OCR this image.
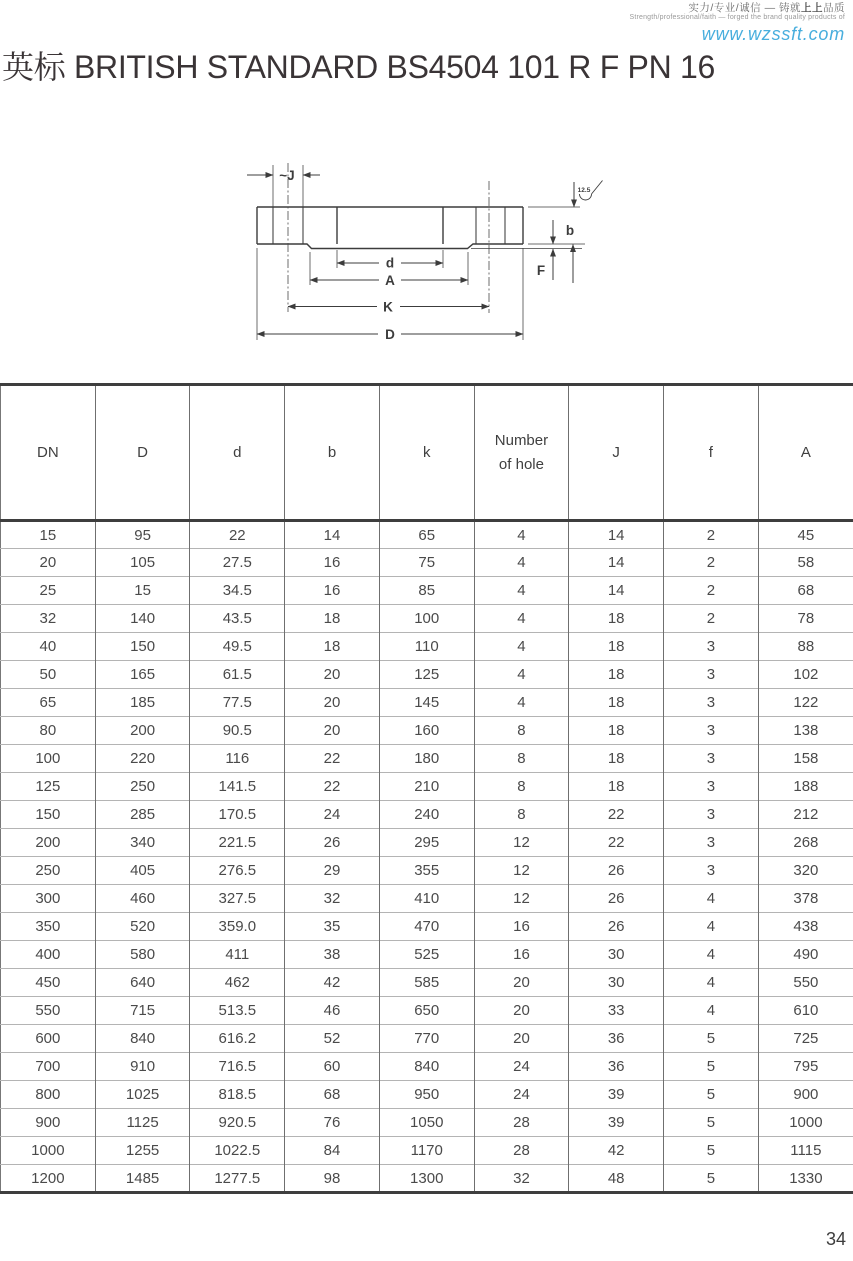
实力/专业/诚信 — 铸就上上品质
Strength/professional/faith — forged the brand quality products of
www.wzssft.com
英标 BRITISH STANDARD BS4504 101 R F PN 16
~J
b
F
d
A
K
D
12.5
DN	D	d	b	k	Number of hole	J	f	A
15	95	22	14	65	4	14	2	45
20	105	27.5	16	75	4	14	2	58
25	15	34.5	16	85	4	14	2	68
32	140	43.5	18	100	4	18	2	78
40	150	49.5	18	110	4	18	3	88
50	165	61.5	20	125	4	18	3	102
65	185	77.5	20	145	4	18	3	122
80	200	90.5	20	160	8	18	3	138
100	220	116	22	180	8	18	3	158
125	250	141.5	22	210	8	18	3	188
150	285	170.5	24	240	8	22	3	212
200	340	221.5	26	295	12	22	3	268
250	405	276.5	29	355	12	26	3	320
300	460	327.5	32	410	12	26	4	378
350	520	359.0	35	470	16	26	4	438
400	580	411	38	525	16	30	4	490
450	640	462	42	585	20	30	4	550
550	715	513.5	46	650	20	33	4	610
600	840	616.2	52	770	20	36	5	725
700	910	716.5	60	840	24	36	5	795
800	1025	818.5	68	950	24	39	5	900
900	1125	920.5	76	1050	28	39	5	1000
1000	1255	1022.5	84	1170	28	42	5	1115
1200	1485	1277.5	98	1300	32	48	5	1330
34
